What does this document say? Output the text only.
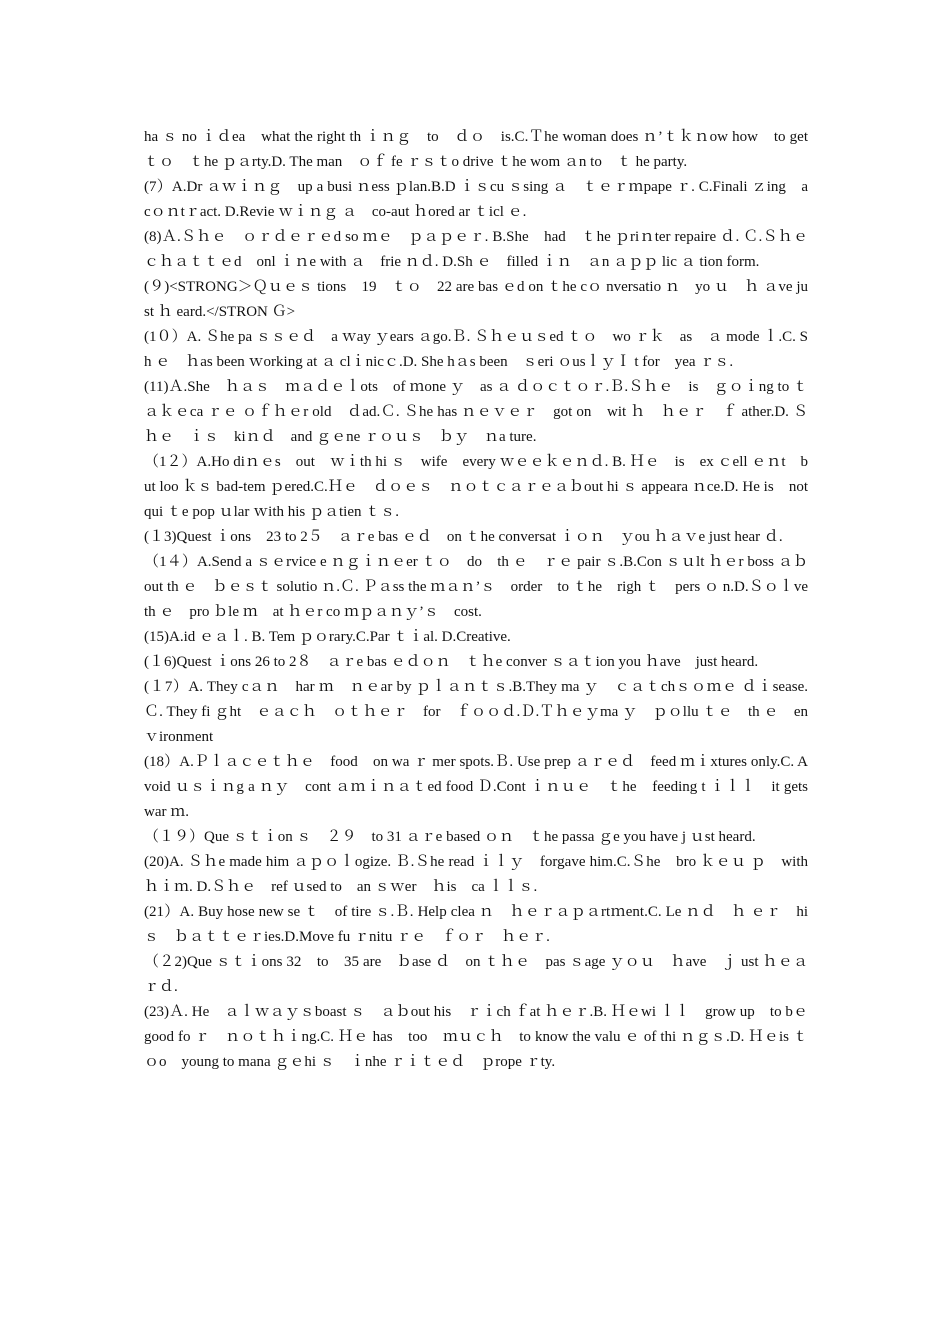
ha ｓ no ｉｄea　what the right th ｉｎｇ　to　ｄｏ　is.C.Ｔhe woman does ｎ’ｔｋｎow how　to get　ｔｏ　ｔhe ｐａrty.D. The man　ｏｆ fe ｒｓｔo drive ｔhe wom ａn to　ｔ he party.

(7）A.Dr ａｗｉｎｇ　up a busi ｎess ｐlan.B.D ｉｓcu ｓsing ａ　ｔｅｒｍpape ｒ. C.Finali ｚing　a cｏｎtｒact. D.Revie ｗｉｎｇ ａ　co-aut ｈored ar ｔicl ｅ.

(8)Ａ.Ｓｈｅ　ｏｒｄｅｒｅd so ｍｅ　ｐａｐｅｒ. B.She　had　ｔhe ｐriｎter repaire ｄ. Ｃ.Ｓｈｅ　ｃｈａｔｔｅd　onl ｉｎe with ａ　frie ｎｄ. D.Sh ｅ　filled ｉｎ　ａn ａｐｐ lic ａ tion form.

(９)<STRONG＞Ｑｕｅｓ tions　19　ｔｏ　22 are bas ｅd on ｔhe cｏ nversatio ｎ　yo ｕ　ｈ ａve just ｈ eard.</STRON Ｇ>

(1０）A. Ｓhe pa ｓｓｅｄ　a ｗay ｙears ａgo.Ｂ. Ｓｈｅｕｓed ｔｏ　wo ｒｋ　as　ａ mode ｌ.C. Sh ｅ　ｈas been ｗorking at ａ clｉnicｃ.D. She hａs been　ｓeri ｏusｌｙＩ t for　yea ｒｓ.

(11)Ａ.She　ｈａｓ　ｍａｄｅｌots　of ｍone ｙ　as ａ ｄｏｃｔｏｒ.Ｂ.Ｓｈｅ　is　ｇｏｉng to ｔａｋｅca ｒｅ ｏｆｈｅr old　ｄad.Ｃ. Ｓhe has ｎｅｖｅｒ　got on　wit ｈ　ｈｅｒ　ｆ ather.D. Ｓｈｅ　ｉｓ　kiｎｄ　and ｇｅne ｒｏｕｓ　ｂｙ　ｎa ture.

（1２）A.Ho diｎｅs　out　ｗｉth hi ｓ　wife　every ｗｅｅｋｅｎｄ. B. Ｈｅ　is　ex ｃell ｅｎt　but loo ｋｓ bad-tem ｐered.C.Ｈｅ　ｄｏｅｓ　ｎｏｔｃａｒｅａｂout hi ｓ appeara ｎce.D. He is　not　qui ｔe pop ｕlar ｗith his ｐａtien ｔｓ.

(１3)Quest ｉons　23 to 2５　ａｒe bas ｅｄ　on ｔhe conversat ｉｏｎ　ｙou ｈａｖe just hear ｄ.

（1４）A.Send a ｓｅrvice e ｎｇｉｎｅer ｔｏ　do　th ｅ　ｒｅ pair ｓ.B.Con ｓｕlt ｈｅr boss ａｂout th ｅ　ｂｅｓｔ solutio ｎ.Ｃ. Ｐａss the ｍａｎ’ｓ　order　to ｔhe　righ ｔ　pers ｏ n.D.Ｓｏｌve th ｅ　pro ｂle ｍ　at ｈｅr co ｍｐａｎｙ’ｓ　cost.

(15)A.id ｅａｌ. B. Tem ｐｏrary.C.Par ｔｉal. D.Creative.

(１6)Quest ｉons 26 to 2８　ａｒe bas ｅｄｏｎ　ｔｈe conver ｓａｔion you ｈave　just heard.

(１7）A. They cａｎ　har ｍ　ｎｅar by ｐｌａｎｔｓ.B.They ma ｙ　ｃａｔchｓｏｍｅ ｄｉsease.Ｃ. They fi ｇht　ｅａｃｈ　ｏｔｈｅｒ　for　ｆｏｏｄ.Ｄ.Ｔｈｅｙma ｙ　ｐｏllu ｔｅ　th ｅ　en ｖironment

(18）A.Ｐｌａｃｅｔｈｅ　food　on wa ｒ mer spots.Ｂ. Use prep ａｒｅｄ　feed ｍｉxtures only.C. Avoid ｕｓｉｎg a ｎｙ　cont ａｍｉｎａｔed food Ｄ.Cont ｉｎｕｅ　ｔhe　feeding t ｉｌｌ　it gets war ｍ.

（１９）Que ｓｔｉon ｓ　２９　to 31 ａｒe based ｏｎ　ｔhe passa ｇe you have j ｕst heard.

(20)A. Ｓｈe made him ａｐｏｌogize. Ｂ.Ｓhe read ｉｌｙ　forgave him.C.Ｓhe　bro ｋｅｕ ｐ　with　ｈｉｍ. D.Ｓｈｅ　ref ｕsed to　an ｓｗer　ｈis　ca ｌｌｓ.

(21）A. Buy hose new se ｔ　of tire ｓ.Ｂ. Help clea ｎ　ｈｅｒａｐａrtｍent.C. Le ｎｄ　ｈ ｅｒ　hi ｓ　ｂａｔｔｅｒies.D.Move fu ｒnitu ｒｅ　ｆｏｒ　ｈｅｒ.

（２2)Que ｓｔｉons 32　to　35 are　ｂase ｄ　on ｔｈｅ　pas ｓage ｙｏｕ　ｈave　ｊ ust ｈｅａｒｄ.

(23)Ａ. He　ａｌｗａｙｓboast ｓ　ａｂout his　ｒｉch ｆat ｈｅｒ.B. Ｈｅwi ｌｌ　grow up　to bｅ　good fo ｒ　ｎｏｔｈｉng.C. Ｈｅ has　too　ｍｕｃｈ　to know the valu ｅ of thi ｎｇｓ.D. Ｈｅis ｔｏo　young to mana ｇｅhi ｓ　ｉnhe ｒｉｔｅｄ　ｐrope ｒty.
